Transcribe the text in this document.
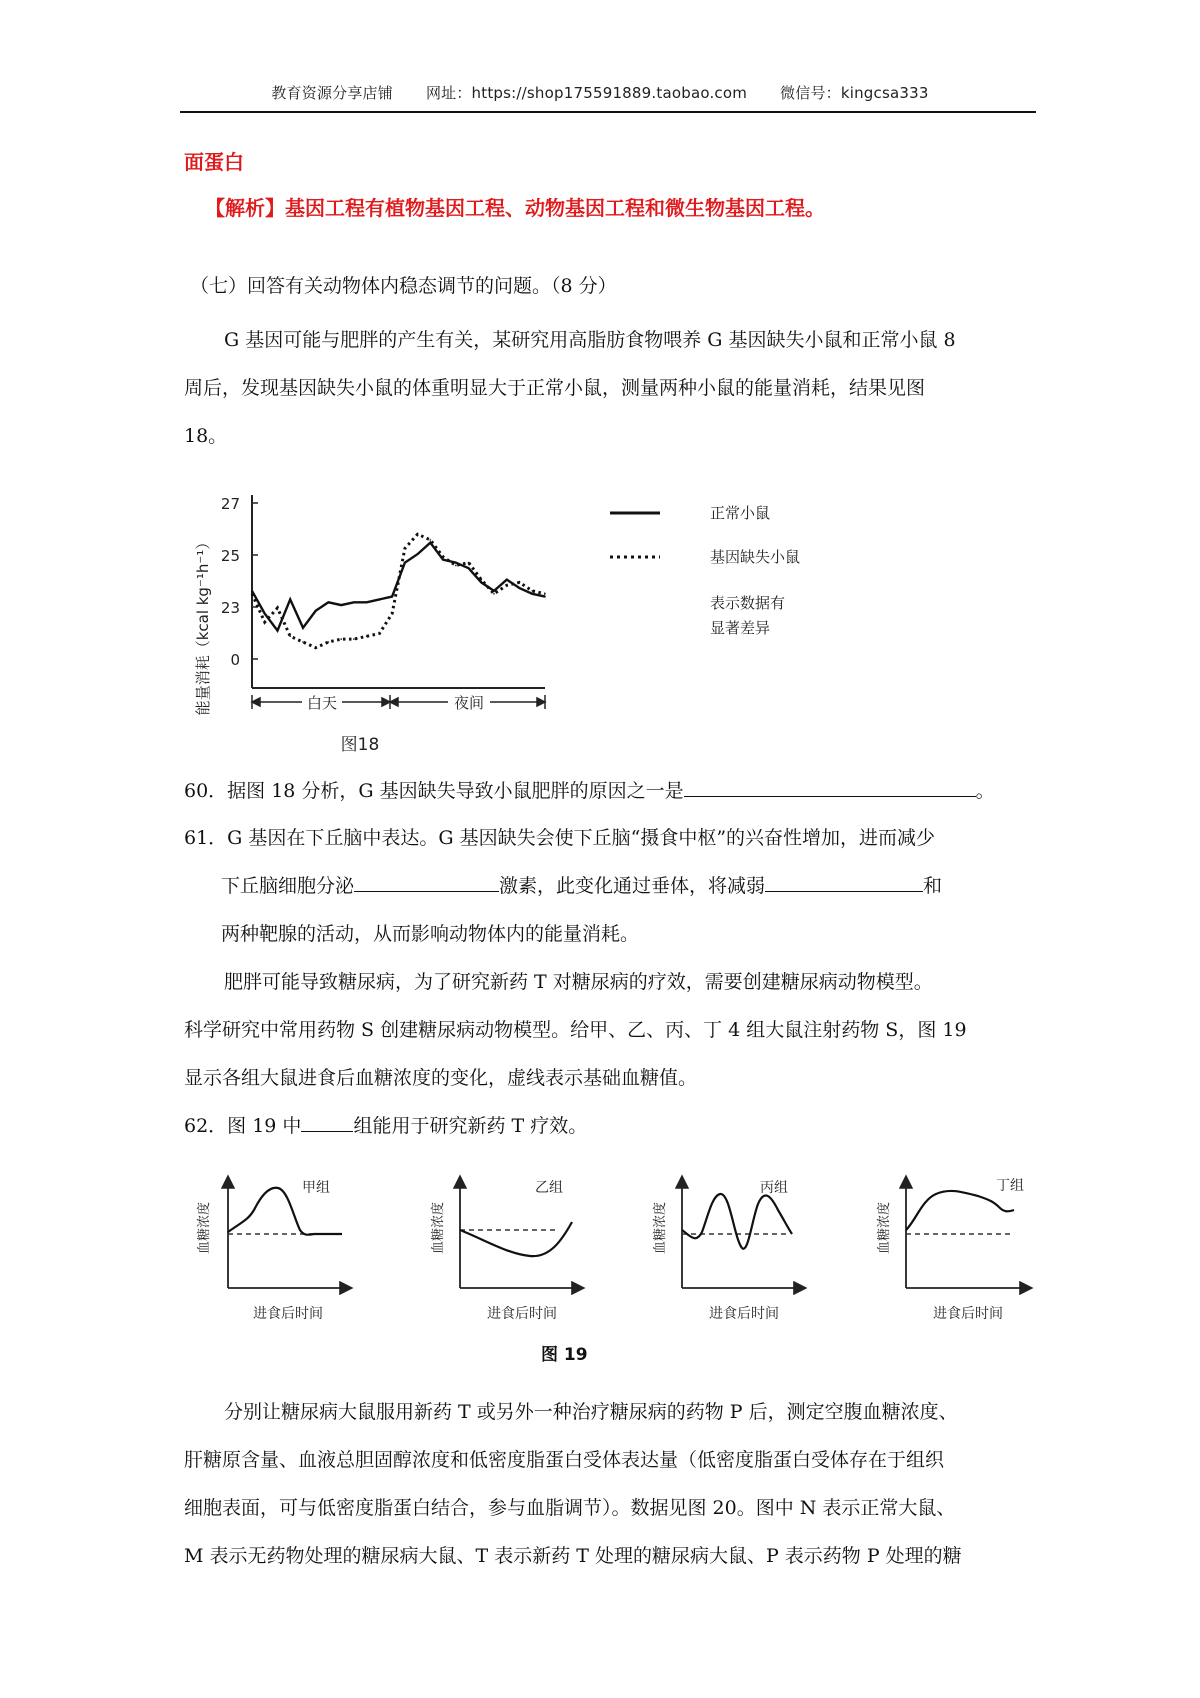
教育资源分享店铺 网址：https://shop175591889.taobao.com 微信号：kingcsa333
面蛋白
【解析】基因工程有植物基因工程、动物基因工程和微生物基因工程。
（七）回答有关动物体内稳态调节的问题。（8 分）
G 基因可能与肥胖的产生有关，某研究用高脂肪食物喂养 G 基因缺失小鼠和正常小鼠 8
周后，发现基因缺失小鼠的体重明显大于正常小鼠，测量两种小鼠的能量消耗，结果见图
18。
能量消耗（kcal kg⁻¹h⁻¹）
27
25
23
0
白天	夜间
图18
正常小鼠
基因缺失小鼠
表示数据有
显著差异
60．据图 18 分析，G 基因缺失导致小鼠肥胖的原因之一是	。
61．G 基因在下丘脑中表达。G 基因缺失会使下丘脑“摄食中枢”的兴奋性增加，进而减少
下丘脑细胞分泌	激素，此变化通过垂体，将减弱	和
两种靶腺的活动，从而影响动物体内的能量消耗。
肥胖可能导致糖尿病，为了研究新药 T 对糖尿病的疗效，需要创建糖尿病动物模型。
科学研究中常用药物 S 创建糖尿病动物模型。给甲、乙、丙、丁 4 组大鼠注射药物 S，图 19
显示各组大鼠进食后血糖浓度的变化，虚线表示基础血糖值。
62．图 19 中	组能用于研究新药 T 疗效。
血糖浓度
甲组
进食后时间
血糖浓度
乙组
进食后时间
血糖浓度
丙组
进食后时间
血糖浓度
丁组
进食后时间
图 19
分别让糖尿病大鼠服用新药 T 或另外一种治疗糖尿病的药物 P 后，测定空腹血糖浓度、
肝糖原含量、血液总胆固醇浓度和低密度脂蛋白受体表达量（低密度脂蛋白受体存在于组织
细胞表面，可与低密度脂蛋白结合，参与血脂调节）。数据见图 20。图中 N 表示正常大鼠、
M 表示无药物处理的糖尿病大鼠、T 表示新药 T 处理的糖尿病大鼠、P 表示药物 P 处理的糖
